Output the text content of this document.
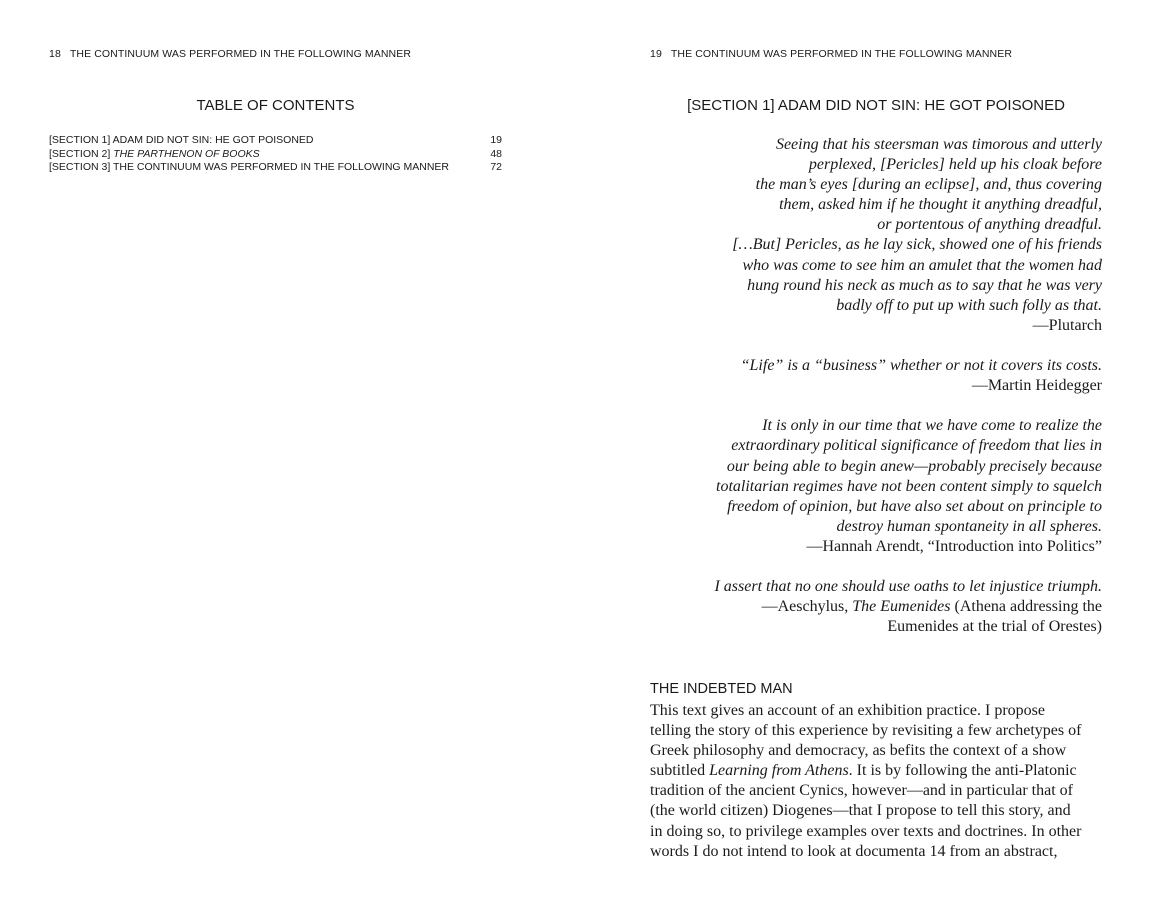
18 THE CONTINUUM WAS PERFORMED IN THE FOLLOWING MANNER
TABLE OF CONTENTS
[SECTION 1] ADAM DID NOT SIN: HE GOT POISONED	19
[SECTION 2] THE PARTHENON OF BOOKS	48
[SECTION 3] THE CONTINUUM WAS PERFORMED IN THE FOLLOWING MANNER	72
19 THE CONTINUUM WAS PERFORMED IN THE FOLLOWING MANNER
[SECTION 1] ADAM DID NOT SIN: HE GOT POISONED
Seeing that his steersman was timorous and utterly
perplexed, [Pericles] held up his cloak before
the man’s eyes [during an eclipse], and, thus covering
them, asked him if he thought it anything dreadful,
or portentous of anything dreadful.
[…But] Pericles, as he lay sick, showed one of his friends
who was come to see him an amulet that the women had
hung round his neck as much as to say that he was very
badly off to put up with such folly as that.
—Plutarch
“Life” is a “business” whether or not it covers its costs.
—Martin Heidegger
It is only in our time that we have come to realize the
extraordinary political significance of freedom that lies in
our being able to begin anew—probably precisely because
totalitarian regimes have not been content simply to squelch
freedom of opinion, but have also set about on principle to
destroy human spontaneity in all spheres.
—Hannah Arendt, “Introduction into Politics”
I assert that no one should use oaths to let injustice triumph.
—Aeschylus, The Eumenides (Athena addressing the
Eumenides at the trial of Orestes)
THE INDEBTED MAN
This text gives an account of an exhibition practice. I propose
telling the story of this experience by revisiting a few archetypes of
Greek philosophy and democracy, as befits the context of a show
subtitled Learning from Athens. It is by following the anti-Platonic
tradition of the ancient Cynics, however—and in particular that of
(the world citizen) Diogenes—that I propose to tell this story, and
in doing so, to privilege examples over texts and doctrines. In other
words I do not intend to look at documenta 14 from an abstract,
